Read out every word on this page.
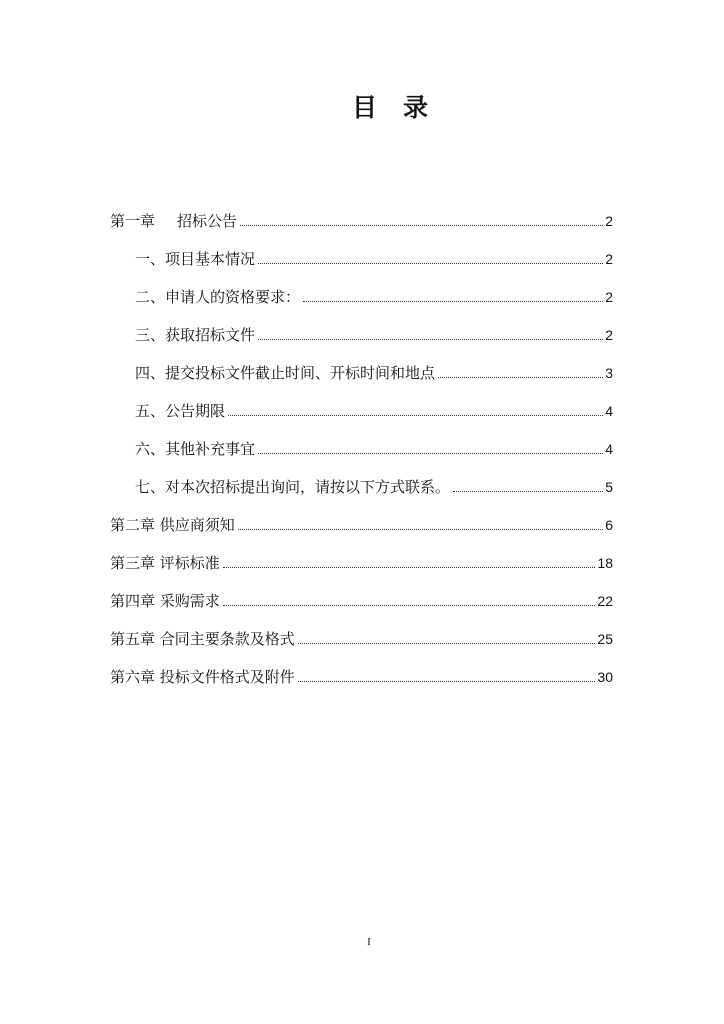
目 录
第一章 招标公告	2
一、项目基本情况	2
二、申请人的资格要求：	2
三、获取招标文件	2
四、提交投标文件截止时间、开标时间和地点	3
五、公告期限	4
六、其他补充事宜	4
七、对本次招标提出询问，请按以下方式联系。	5
第二章 供应商须知	6
第三章 评标标准	18
第四章 采购需求	22
第五章 合同主要条款及格式	25
第六章 投标文件格式及附件	30
I
